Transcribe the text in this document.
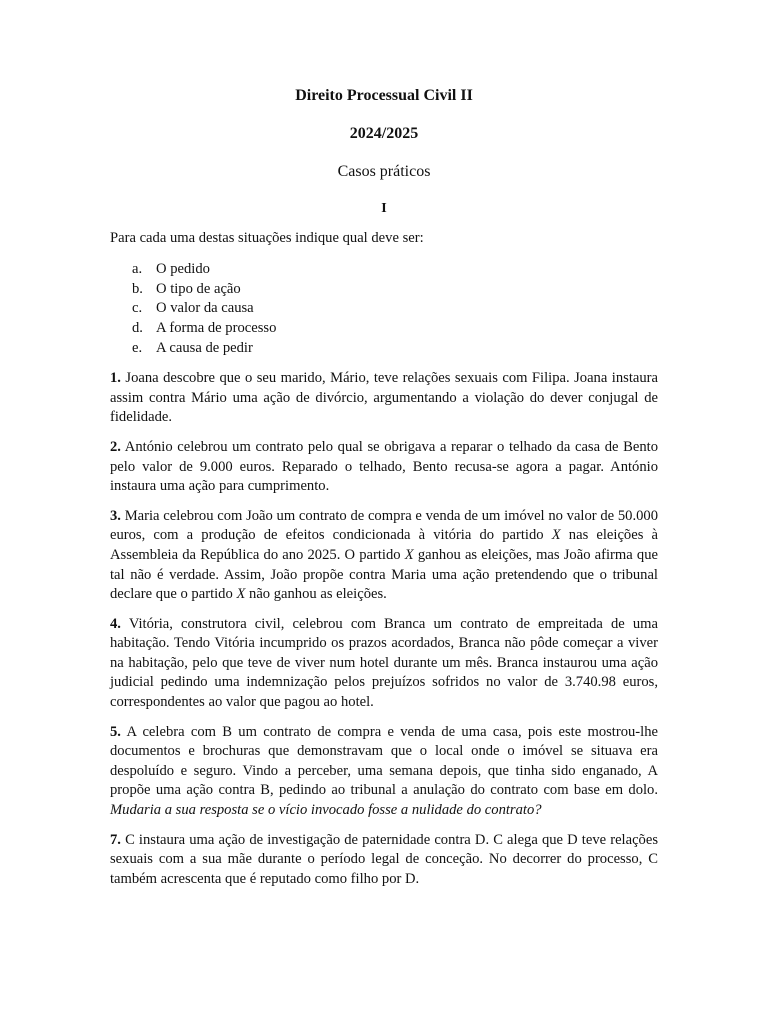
Direito Processual Civil II
2024/2025
Casos práticos
I

Para cada uma destas situações indique qual deve ser:

a. O pedido
b. O tipo de ação
c. O valor da causa
d. A forma de processo
e. A causa de pedir

1. Joana descobre que o seu marido, Mário, teve relações sexuais com Filipa. Joana instaura assim contra Mário uma ação de divórcio, argumentando a violação do dever conjugal de fidelidade.

2. António celebrou um contrato pelo qual se obrigava a reparar o telhado da casa de Bento pelo valor de 9.000 euros. Reparado o telhado, Bento recusa-se agora a pagar. António instaura uma ação para cumprimento.

3. Maria celebrou com João um contrato de compra e venda de um imóvel no valor de 50.000 euros, com a produção de efeitos condicionada à vitória do partido X nas eleições à Assembleia da República do ano 2025. O partido X ganhou as eleições, mas João afirma que tal não é verdade. Assim, João propõe contra Maria uma ação pretendendo que o tribunal declare que o partido X não ganhou as eleições.

4. Vitória, construtora civil, celebrou com Branca um contrato de empreitada de uma habitação. Tendo Vitória incumprido os prazos acordados, Branca não pôde começar a viver na habitação, pelo que teve de viver num hotel durante um mês. Branca instaurou uma ação judicial pedindo uma indemnização pelos prejuízos sofridos no valor de 3.740.98 euros, correspondentes ao valor que pagou ao hotel.

5. A celebra com B um contrato de compra e venda de uma casa, pois este mostrou-lhe documentos e brochuras que demonstravam que o local onde o imóvel se situava era despoluído e seguro. Vindo a perceber, uma semana depois, que tinha sido enganado, A propõe uma ação contra B, pedindo ao tribunal a anulação do contrato com base em dolo. Mudaria a sua resposta se o vício invocado fosse a nulidade do contrato?

7. C instaura uma ação de investigação de paternidade contra D. C alega que D teve relações sexuais com a sua mãe durante o período legal de conceção. No decorrer do processo, C também acrescenta que é reputado como filho por D.
